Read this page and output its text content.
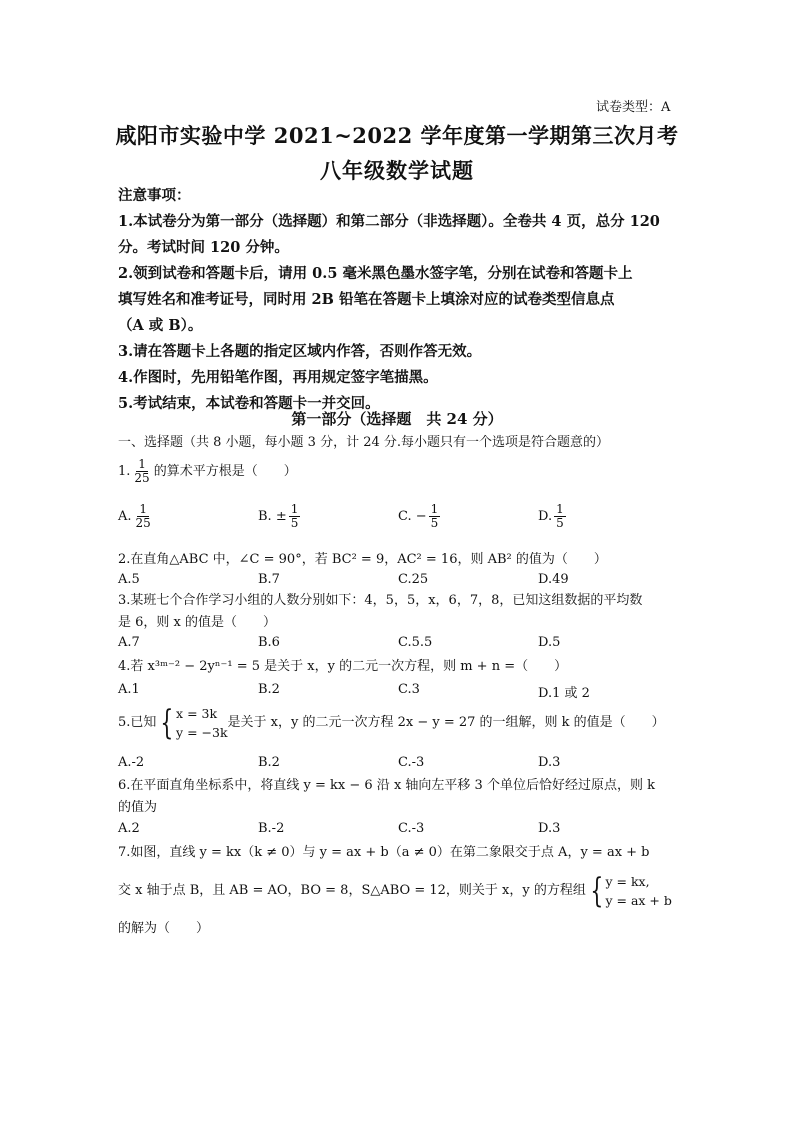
试卷类型：A
咸阳市实验中学 2021~2022 学年度第一学期第三次月考
八年级数学试题
注意事项：
1.本试卷分为第一部分（选择题）和第二部分（非选择题）。全卷共 4 页，总分 120
分。考试时间 120 分钟。
2.领到试卷和答题卡后，请用 0.5 毫米黑色墨水签字笔，分别在试卷和答题卡上
填写姓名和准考证号，同时用 2B 铅笔在答题卡上填涂对应的试卷类型信息点
（A 或 B）。
3.请在答题卡上各题的指定区域内作答，否则作答无效。
4.作图时，先用铅笔作图，再用规定签字笔描黑。
5.考试结束，本试卷和答题卡一并交回。
第一部分（选择题　共 24 分）
一、选择题（共 8 小题，每小题 3 分，计 24 分.每小题只有一个选项是符合题意的）
1. $\frac{1}{25}$ 的算术平方根是（　　）
A. $\frac{1}{25}$	B. ± $\frac{1}{5}$	C. − $\frac{1}{5}$	D. $\frac{1}{5}$
2.在直角△ABC 中，∠C = 90°，若 BC² = 9，AC² = 16，则 AB² 的值为（　　）
A.5	B.7	C.25	D.49
3.某班七个合作学习小组的人数分别如下：4，5，5，x，6，7，8，已知这组数据的平均数
是 6，则 x 的值是（　　）
A.7	B.6	C.5.5	D.5
4.若 x³ᵐ⁻² − 2yⁿ⁻¹ = 5 是关于 x，y 的二元一次方程，则 m + n =（　　）
A.1	B.2	C.3	D.1 或 2
5.已知 { x = 3k
y = −3k
是关于 x，y 的二元一次方程 2x − y = 27 的一组解，则 k 的值是（　　）
A.-2	B.2	C.-3	D.3
6.在平面直角坐标系中，将直线 y = kx − 6 沿 x 轴向左平移 3 个单位后恰好经过原点，则 k
的值为
A.2	B.-2	C.-3	D.3
7.如图，直线 y = kx（k ≠ 0）与 y = ax + b（a ≠ 0）在第二象限交于点 A，y = ax + b
交 x 轴于点 B，且 AB = AO，BO = 8，S△ABO = 12，则关于 x，y 的方程组 { y = kx,
y = ax + b
的解为（　　）
